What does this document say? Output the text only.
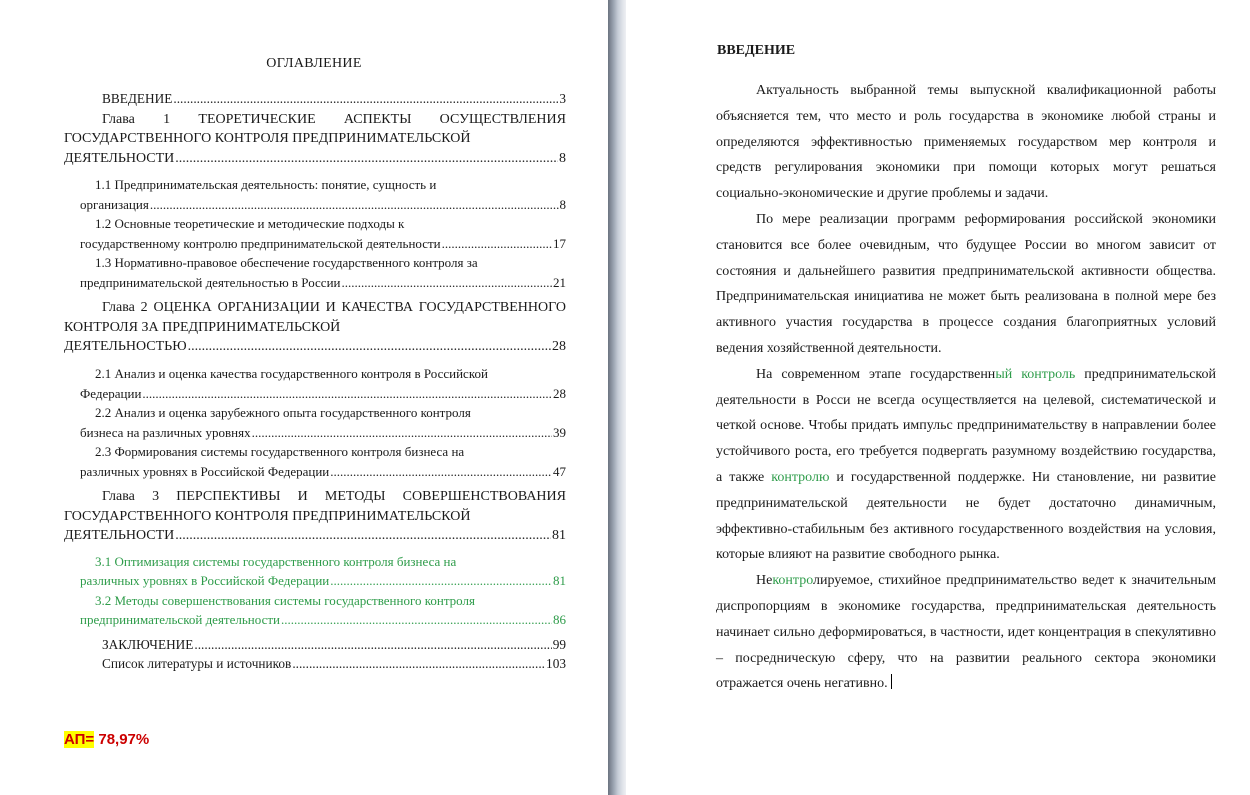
ОГЛАВЛЕНИЕ
ВВЕДЕНИЕ .....	3
Глава 1 ТЕОРЕТИЧЕСКИЕ АСПЕКТЫ ОСУЩЕСТВЛЕНИЯ ГОСУДАРСТВЕННОГО КОНТРОЛЯ ПРЕДПРИНИМАТЕЛЬСКОЙ
ДЕЯТЕЛЬНОСТИ .....	8
1.1 Предпринимательская деятельность: понятие, сущность и
организация .....	8
1.2 Основные теоретические и методические подходы к
государственному контролю предпринимательской деятельности .....	17
1.3 Нормативно-правовое обеспечение государственного контроля за
предпринимательской деятельностью в России .....	21
Глава 2 ОЦЕНКА ОРГАНИЗАЦИИ И КАЧЕСТВА ГОСУДАРСТВЕННОГО КОНТРОЛЯ ЗА ПРЕДПРИНИМАТЕЛЬСКОЙ
ДЕЯТЕЛЬНОСТЬЮ .....	28
2.1 Анализ и оценка качества государственного контроля в Российской
Федерации .....	28
2.2 Анализ и оценка зарубежного опыта государственного контроля
бизнеса на различных уровнях .....	39
2.3 Формирования системы государственного контроля бизнеса на
различных уровнях в Российской Федерации .....	47
Глава 3 ПЕРСПЕКТИВЫ И МЕТОДЫ СОВЕРШЕНСТВОВАНИЯ ГОСУДАРСТВЕННОГО КОНТРОЛЯ ПРЕДПРИНИМАТЕЛЬСКОЙ
ДЕЯТЕЛЬНОСТИ .....	81
3.1 Оптимизация системы государственного контроля бизнеса на
различных уровнях в Российской Федерации .....	81
3.2 Методы совершенствования системы государственного контроля
предпринимательской деятельности .....	86
ЗАКЛЮЧЕНИЕ .....	99
Список литературы и источников .....	103
АП= 78,97%
ВВЕДЕНИЕ

Актуальность выбранной темы выпускной квалификационной работы объясняется тем, что место и роль государства в экономике любой страны и определяются эффективностью применяемых государством мер контроля и средств регулирования экономики при помощи которых могут решаться социально-экономические и другие проблемы и задачи.

По мере реализации программ реформирования российской экономики становится все более очевидным, что будущее России во многом зависит от состояния и дальнейшего развития предпринимательской активности общества. Предпринимательская инициатива не может быть реализована в полной мере без активного участия государства в процессе создания благоприятных условий ведения хозяйственной деятельности.

На современном этапе государственный контроль предпринимательской деятельности в Росси не всегда осуществляется на целевой, систематической и четкой основе. Чтобы придать импульс предпринимательству в направлении более устойчивого роста, его требуется подвергать разумному воздействию государства, а также контролю и государственной поддержке. Ни становление, ни развитие предпринимательской деятельности не будет достаточно динамичным, эффективно-стабильным без активного государственного воздействия на условия, которые влияют на развитие свободного рынка.

Неконтролируемое, стихийное предпринимательство ведет к значительным диспропорциям в экономике государства, предпринимательская деятельность начинает сильно деформироваться, в частности, идет концентрация в спекулятивно – посредническую сферу, что на развитии реального сектора экономики отражается очень негативно.
